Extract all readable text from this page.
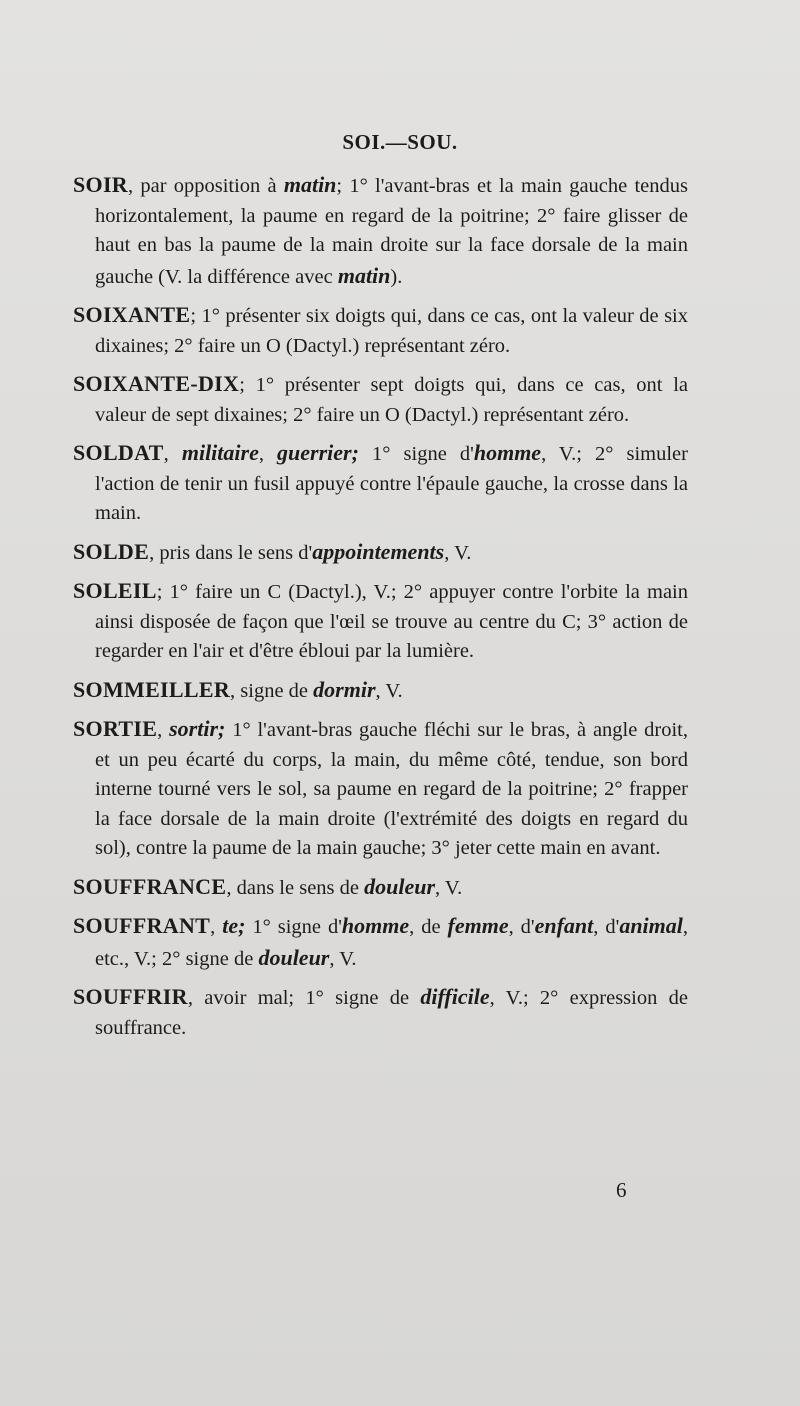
SOI.—SOU.

SOIR, par opposition à matin; 1° l'avant-bras et la main gauche tendus horizontalement, la paume en regard de la poitrine; 2° faire glisser de haut en bas la paume de la main droite sur la face dorsale de la main gauche (V. la différence avec matin).

SOIXANTE; 1° présenter six doigts qui, dans ce cas, ont la valeur de six dixaines; 2° faire un O (Dactyl.) représentant zéro.

SOIXANTE-DIX; 1° présenter sept doigts qui, dans ce cas, ont la valeur de sept dixaines; 2° faire un O (Dactyl.) représentant zéro.

SOLDAT, militaire, guerrier; 1° signe d'homme, V.; 2° simuler l'action de tenir un fusil appuyé contre l'épaule gauche, la crosse dans la main.

SOLDE, pris dans le sens d'appointements, V.

SOLEIL; 1° faire un C (Dactyl.), V.; 2° appuyer contre l'orbite la main ainsi disposée de façon que l'œil se trouve au centre du C; 3° action de regarder en l'air et d'être ébloui par la lumière.

SOMMEILLER, signe de dormir, V.

SORTIE, sortir; 1° l'avant-bras gauche fléchi sur le bras, à angle droit, et un peu écarté du corps, la main, du même côté, tendue, son bord interne tourné vers le sol, sa paume en regard de la poitrine; 2° frapper la face dorsale de la main droite (l'extrémité des doigts en regard du sol), contre la paume de la main gauche; 3° jeter cette main en avant.

SOUFFRANCE, dans le sens de douleur, V.

SOUFFRANT, te; 1° signe d'homme, de femme, d'enfant, d'animal, etc., V.; 2° signe de douleur, V.

SOUFFRIR, avoir mal; 1° signe de difficile, V.; 2° expression de souffrance.

6
